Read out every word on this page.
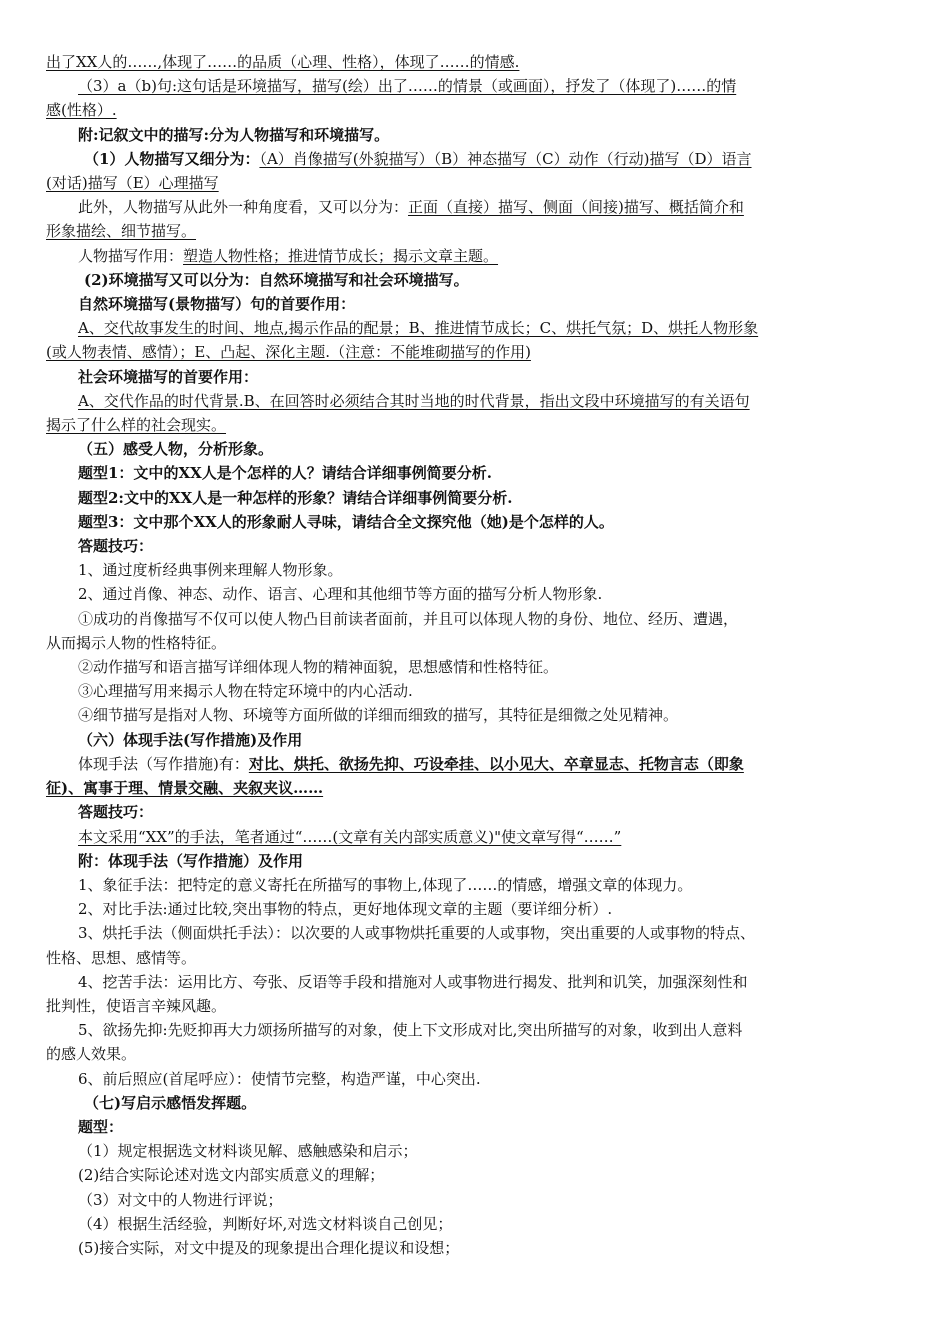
出了XX人的……,体现了……的品质（心理、性格），体现了……的情感.
（3）a（b)句:这句话是环境描写，描写(绘）出了……的情景（或画面），抒发了（体现了)……的情
感(性格）.
附:记叙文中的描写:分为人物描写和环境描写。
（1）人物描写又细分为：（A）肖像描写(外貌描写）（B）神态描写（C）动作（行动)描写（D）语言
(对话)描写（E）心理描写
此外，人物描写从此外一种角度看，又可以分为：正面（直接）描写、侧面（间接)描写、概括简介和
形象描绘、细节描写。
人物描写作用：塑造人物性格；推进情节成长；揭示文章主题。
(2)环境描写又可以分为：自然环境描写和社会环境描写。
自然环境描写(景物描写）句的首要作用：
A、交代故事发生的时间、地点,揭示作品的配景；B、推进情节成长；C、烘托气氛；D、烘托人物形象
(或人物表情、感情）；E、凸起、深化主题.（注意：不能堆砌描写的作用)
社会环境描写的首要作用：
A、交代作品的时代背景.B、在回答时必须结合其时当地的时代背景，指出文段中环境描写的有关语句
揭示了什么样的社会现实。
（五）感受人物，分析形象。
题型1：文中的XX人是个怎样的人？请结合详细事例简要分析.
题型2:文中的XX人是一种怎样的形象？请结合详细事例简要分析.
题型3：文中那个XX人的形象耐人寻味，请结合全文探究他（她)是个怎样的人。
答题技巧：
1、通过度析经典事例来理解人物形象。
2、通过肖像、神态、动作、语言、心理和其他细节等方面的描写分析人物形象.
①成功的肖像描写不仅可以使人物凸目前读者面前，并且可以体现人物的身份、地位、经历、遭遇，
从而揭示人物的性格特征。
②动作描写和语言描写详细体现人物的精神面貌，思想感情和性格特征。
③心理描写用来揭示人物在特定环境中的内心活动.
④细节描写是指对人物、环境等方面所做的详细而细致的描写，其特征是细微之处见精神。
（六）体现手法(写作措施)及作用
体现手法（写作措施)有：对比、烘托、欲扬先抑、巧设牵挂、以小见大、卒章显志、托物言志（即象
征)、寓事于理、情景交融、夹叙夹议……
答题技巧：
本文采用“XX”的手法，笔者通过“……(文章有关内部实质意义)"使文章写得“……”
附：体现手法（写作措施）及作用
1、象征手法：把特定的意义寄托在所描写的事物上,体现了……的情感，增强文章的体现力。
2、对比手法:通过比较,突出事物的特点，更好地体现文章的主题（要详细分析）.
3、烘托手法（侧面烘托手法）：以次要的人或事物烘托重要的人或事物，突出重要的人或事物的特点、
性格、思想、感情等。
4、挖苦手法：运用比方、夸张、反语等手段和措施对人或事物进行揭发、批判和讥笑，加强深刻性和
批判性，使语言辛辣风趣。
5、欲扬先抑:先贬抑再大力颂扬所描写的对象，使上下文形成对比,突出所描写的对象，收到出人意料
的感人效果。
6、前后照应(首尾呼应）：使情节完整，构造严谨，中心突出.
（七)写启示感悟发挥题。
题型：
（1）规定根据选文材料谈见解、感触感染和启示；
(2)结合实际论述对选文内部实质意义的理解；
（3）对文中的人物进行评说；
（4）根据生活经验，判断好坏,对选文材料谈自己创见；
(5)接合实际，对文中提及的现象提出合理化提议和设想；
